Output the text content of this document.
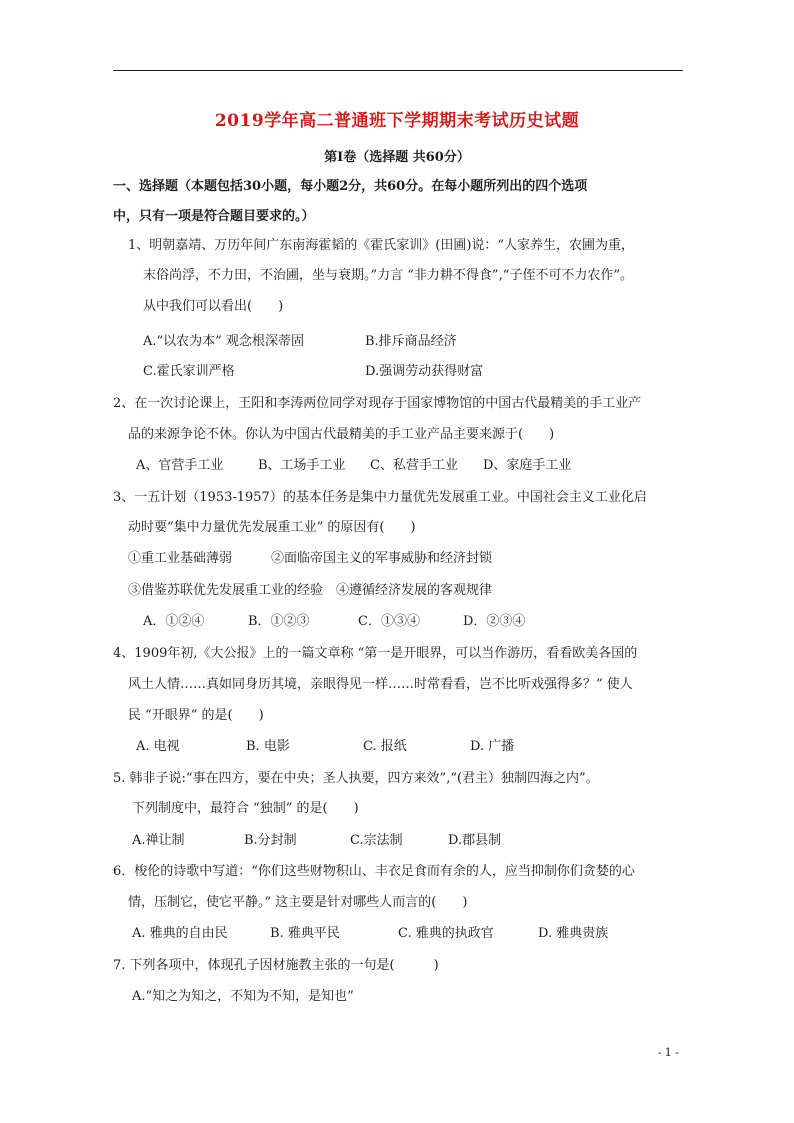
2019学年高二普通班下学期期末考试历史试题
第Ⅰ卷（选择题 共60分）
一、选择题（本题包括30小题，每小题2分，共60分。在每小题所列出的四个选项
中，只有一项是符合题目要求的。）
1、明朝嘉靖、万历年间广东南海霍韬的《霍氏家训》(田圃)说：“人家养生，农圃为重，
末俗尚浮，不力田，不治圃，坐与衰期。”力言 “非力耕不得食”,“子侄不可不力农作”。
从中我们可以看出(　　)
A.“以农为本” 观念根深蒂固	B.排斥商品经济
C.霍氏家训严格	D.强调劳动获得财富
2、在一次讨论课上，王阳和李涛两位同学对现存于国家博物馆的中国古代最精美的手工业产
品的来源争论不休。你认为中国古代最精美的手工业产品主要来源于(　　)
A、官营手工业	B、工场手工业 C、私营手工业 D、家庭手工业
3、一五计划（1953-1957）的基本任务是集中力量优先发展重工业。中国社会主义工业化启
动时要“集中力量优先发展重工业” 的原因有(　　)
①重工业基础薄弱　　　②面临帝国主义的军事威胁和经济封锁
③借鉴苏联优先发展重工业的经验　④遵循经济发展的客观规律
A．①②④	B．①②③	C．①③④	D．②③④
4、1909年初,《大公报》上的一篇文章称 “第一是开眼界，可以当作游历，看看欧美各国的
风土人情……真如同身历其境，亲眼得见一样……时常看看，岂不比听戏强得多？” 使人
民 “开眼界” 的是(　　)
A. 电视	B. 电影	C. 报纸	D. 广播
5. 韩非子说:“事在四方，要在中央；圣人执要，四方来效”,“(君主）独制四海之内”。
下列制度中，最符合 “独制” 的是(　　)
A.禅让制	B.分封制	C.宗法制	D.郡县制
6．梭伦的诗歌中写道：“你们这些财物积山、丰衣足食而有余的人，应当抑制你们贪婪的心
情，压制它，使它平静。” 这主要是针对哪些人而言的(　　)
A. 雅典的自由民	B. 雅典平民	C. 雅典的执政官	D. 雅典贵族
7. 下列各项中，体现孔子因材施教主张的一句是(　　　)
A.“知之为知之，不知为不知，是知也”
- 1 -
